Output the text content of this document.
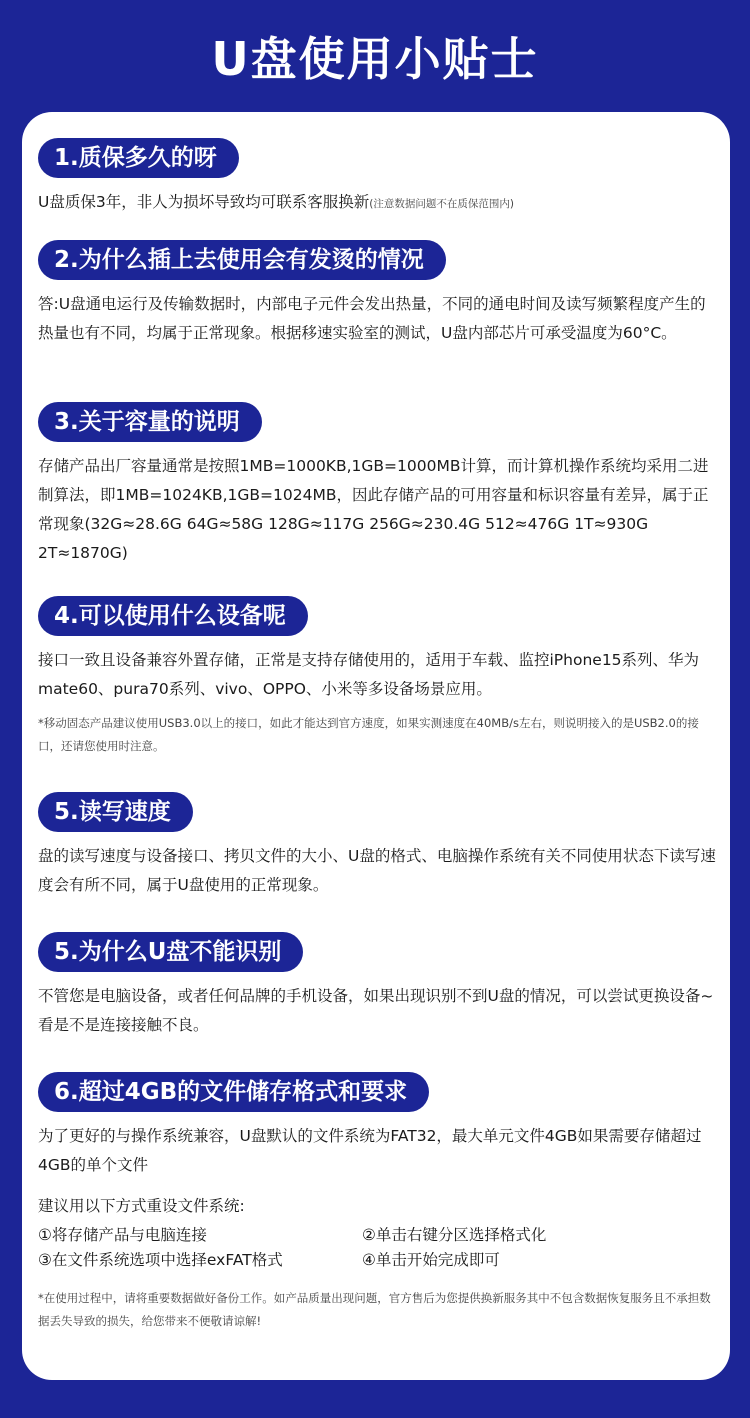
U盘使用小贴士
1.质保多久的呀
U盘质保3年，非人为损坏导致均可联系客服换新(注意数据问题不在质保范围内)
2.为什么插上去使用会有发烫的情况
答:U盘通电运行及传输数据时，内部电子元件会发出热量，不同的通电时间及读写频繁程度产生的热量也有不同，均属于正常现象。根据移速实验室的测试，U盘内部芯片可承受温度为60°C。
3.关于容量的说明
存储产品出厂容量通常是按照1MB=1000KB,1GB=1000MB计算，而计算机操作系统均采用二进制算法，即1MB=1024KB,1GB=1024MB，因此存储产品的可用容量和标识容量有差异，属于正常现象(32G≈28.6G 64G≈58G 128G≈117G 256G≈230.4G 512≈476G 1T≈930G 2T≈1870G)
4.可以使用什么设备呢
接口一致且设备兼容外置存储，正常是支持存储使用的，适用于车载、监控iPhone15系列、华为mate60、pura70系列、vivo、OPPO、小米等多设备场景应用。
*移动固态产品建议使用USB3.0以上的接口，如此才能达到官方速度，如果实测速度在40MB/s左右，则说明接入的是USB2.0的接口，还请您使用时注意。
5.读写速度
盘的读写速度与设备接口、拷贝文件的大小、U盘的格式、电脑操作系统有关不同使用状态下读写速度会有所不同，属于U盘使用的正常现象。
5.为什么U盘不能识别
不管您是电脑设备，或者任何品牌的手机设备，如果出现识别不到U盘的情况，可以尝试更换设备~看是不是连接接触不良。
6.超过4GB的文件储存格式和要求
为了更好的与操作系统兼容，U盘默认的文件系统为FAT32，最大单元文件4GB如果需要存储超过4GB的单个文件
建议用以下方式重设文件系统:
①将存储产品与电脑连接	②单击右键分区选择格式化
③在文件系统选项中选择exFAT格式	④单击开始完成即可
*在使用过程中，请将重要数据做好备份工作。如产品质量出现问题，官方售后为您提供换新服务其中不包含数据恢复服务且不承担数据丢失导致的损失，给您带来不便敬请谅解!
